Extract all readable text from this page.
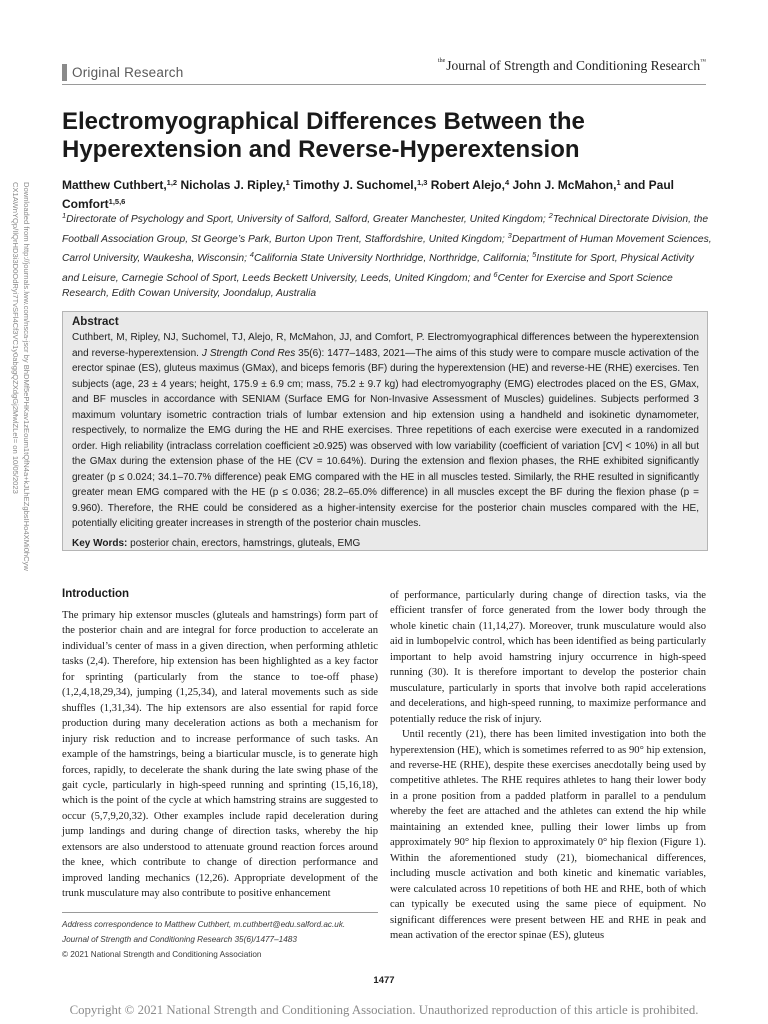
Original Research
$^{the}$Journal of Strength and Conditioning Research™
Downloaded from http://journals.lww.com/nsca-jscr by BhDMf5ePHKav1zEoum1tQfN4a+kJLhEZgbsIHo4XMi0hCyw CX1AWnYQp/IlQrHD3i3D0OdRyi7TvSFl4Cf3VC1y0abggQZXdgGj2MwlZLeI= on 10/05/2023
Electromyographical Differences Between the Hyperextension and Reverse-Hyperextension
Matthew Cuthbert,$^{1,2}$ Nicholas J. Ripley,$^1$ Timothy J. Suchomel,$^{1,3}$ Robert Alejo,$^4$ John J. McMahon,$^1$ and Paul Comfort$^{1,5,6}$
$^1$Directorate of Psychology and Sport, University of Salford, Salford, Greater Manchester, United Kingdom; $^2$Technical Directorate Division, the Football Association Group, St George’s Park, Burton Upon Trent, Staffordshire, United Kingdom; $^3$Department of Human Movement Sciences, Carrol University, Waukesha, Wisconsin; $^4$California State University Northridge, Northridge, California; $^5$Institute for Sport, Physical Activity and Leisure, Carnegie School of Sport, Leeds Beckett University, Leeds, United Kingdom; and $^6$Center for Exercise and Sport Science Research, Edith Cowan University, Joondalup, Australia
Abstract
Cuthbert, M, Ripley, NJ, Suchomel, TJ, Alejo, R, McMahon, JJ, and Comfort, P. Electromyographical differences between the hyperextension and reverse-hyperextension. J Strength Cond Res 35(6): 1477–1483, 2021—The aims of this study were to compare muscle activation of the erector spinae (ES), gluteus maximus (GMax), and biceps femoris (BF) during the hyperextension (HE) and reverse-HE (RHE) exercises. Ten subjects (age, 23 ± 4 years; height, 175.9 ± 6.9 cm; mass, 75.2 ± 9.7 kg) had electromyography (EMG) electrodes placed on the ES, GMax, and BF muscles in accordance with SENIAM (Surface EMG for Non-Invasive Assessment of Muscles) guidelines. Subjects performed 3 maximum voluntary isometric contraction trials of lumbar extension and hip extension using a handheld and isokinetic dynamometer, respectively, to normalize the EMG during the HE and RHE exercises. Three repetitions of each exercise were executed in a randomized order. High reliability (intraclass correlation coefficient ≥0.925) was observed with low variability (coefficient of variation [CV] < 10%) in all but the GMax during the extension phase of the HE (CV = 10.64%). During the extension and flexion phases, the RHE exhibited significantly greater (p ≤ 0.024; 34.1–70.7% difference) peak EMG compared with the HE in all muscles tested. Similarly, the RHE resulted in significantly greater mean EMG compared with the HE (p ≤ 0.036; 28.2–65.0% difference) in all muscles except the BF during the flexion phase (p = 9.960). Therefore, the RHE could be considered as a higher-intensity exercise for the posterior chain muscles compared with the HE, potentially eliciting greater increases in strength of the posterior chain muscles.
Key Words: posterior chain, erectors, hamstrings, gluteals, EMG
Introduction

The primary hip extensor muscles (gluteals and hamstrings) form part of the posterior chain and are integral for force production to accelerate an individual’s center of mass in a given direction, when performing athletic tasks (2,4). Therefore, hip extension has been highlighted as a key factor for sprinting (particularly from the stance to toe-off phase) (1,2,4,18,29,34), jumping (1,25,34), and lateral movements such as side shuffles (1,31,34). The hip extensors are also essential for rapid force production during many deceleration actions as both a mechanism for injury risk reduction and to increase performance of such tasks. An example of the hamstrings, being a biarticular muscle, is to generate high forces, rapidly, to decelerate the shank during the late swing phase of the gait cycle, particularly in high-speed running and sprinting (15,16,18), which is the point of the cycle at which hamstring strains are suggested to occur (5,7,9,20,32). Other examples include rapid deceleration during jump landings and during change of direction tasks, whereby the hip extensors are also understood to attenuate ground reaction forces around the knee, which contribute to change of direction performance and improved landing mechanics (12,26). Appropriate development of the trunk musculature may also contribute to positive enhancement

of performance, particularly during change of direction tasks, via the efficient transfer of force generated from the lower body through the whole kinetic chain (11,14,27). Moreover, trunk musculature would also aid in lumbopelvic control, which has been identified as being particularly important to help avoid hamstring injury occurrence in high-speed running (30). It is therefore important to develop the posterior chain musculature, particularly in sports that involve both rapid accelerations and decelerations, and high-speed running, to maximize performance and potentially reduce the risk of injury.

Until recently (21), there has been limited investigation into both the hyperextension (HE), which is sometimes referred to as 90° hip extension, and reverse-HE (RHE), despite these exercises anecdotally being used by competitive athletes. The RHE requires athletes to hang their lower body in a prone position from a padded platform in parallel to a pendulum whereby the feet are attached and the athletes can extend the hip while maintaining an extended knee, pulling their lower limbs up from approximately 90° hip flexion to approximately 0° hip flexion (Figure 1). Within the aforementioned study (21), biomechanical differences, including muscle activation and both kinetic and kinematic variables, were calculated across 10 repetitions of both HE and RHE, both of which can typically be executed using the same piece of equipment. No significant differences were present between HE and RHE in peak and mean activation of the erector spinae (ES), gluteus

Address correspondence to Matthew Cuthbert, m.cuthbert@edu.salford.ac.uk.
Journal of Strength and Conditioning Research 35(6)/1477–1483
© 2021 National Strength and Conditioning Association
1477
Copyright © 2021 National Strength and Conditioning Association. Unauthorized reproduction of this article is prohibited.
